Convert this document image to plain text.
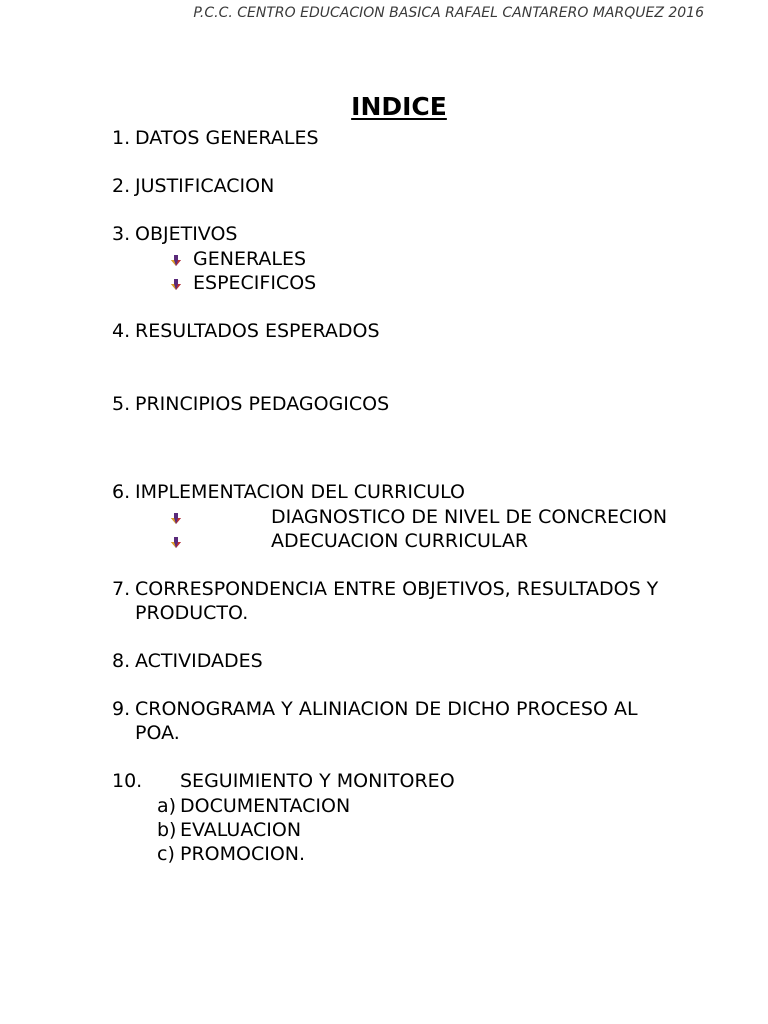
P.C.C. CENTRO EDUCACION BASICA RAFAEL CANTARERO MARQUEZ 2016
INDICE
1. DATOS GENERALES
2. JUSTIFICACION
3. OBJETIVOS
GENERALES
ESPECIFICOS
4. RESULTADOS ESPERADOS
5. PRINCIPIOS PEDAGOGICOS
6. IMPLEMENTACION DEL CURRICULO
DIAGNOSTICO DE NIVEL DE CONCRECION
ADECUACION CURRICULAR
7. CORRESPONDENCIA ENTRE OBJETIVOS, RESULTADOS Y
PRODUCTO.
8. ACTIVIDADES
9. CRONOGRAMA Y ALINIACION DE DICHO PROCESO AL
POA.
10. SEGUIMIENTO Y MONITOREO
a) DOCUMENTACION
b) EVALUACION
c) PROMOCION.
